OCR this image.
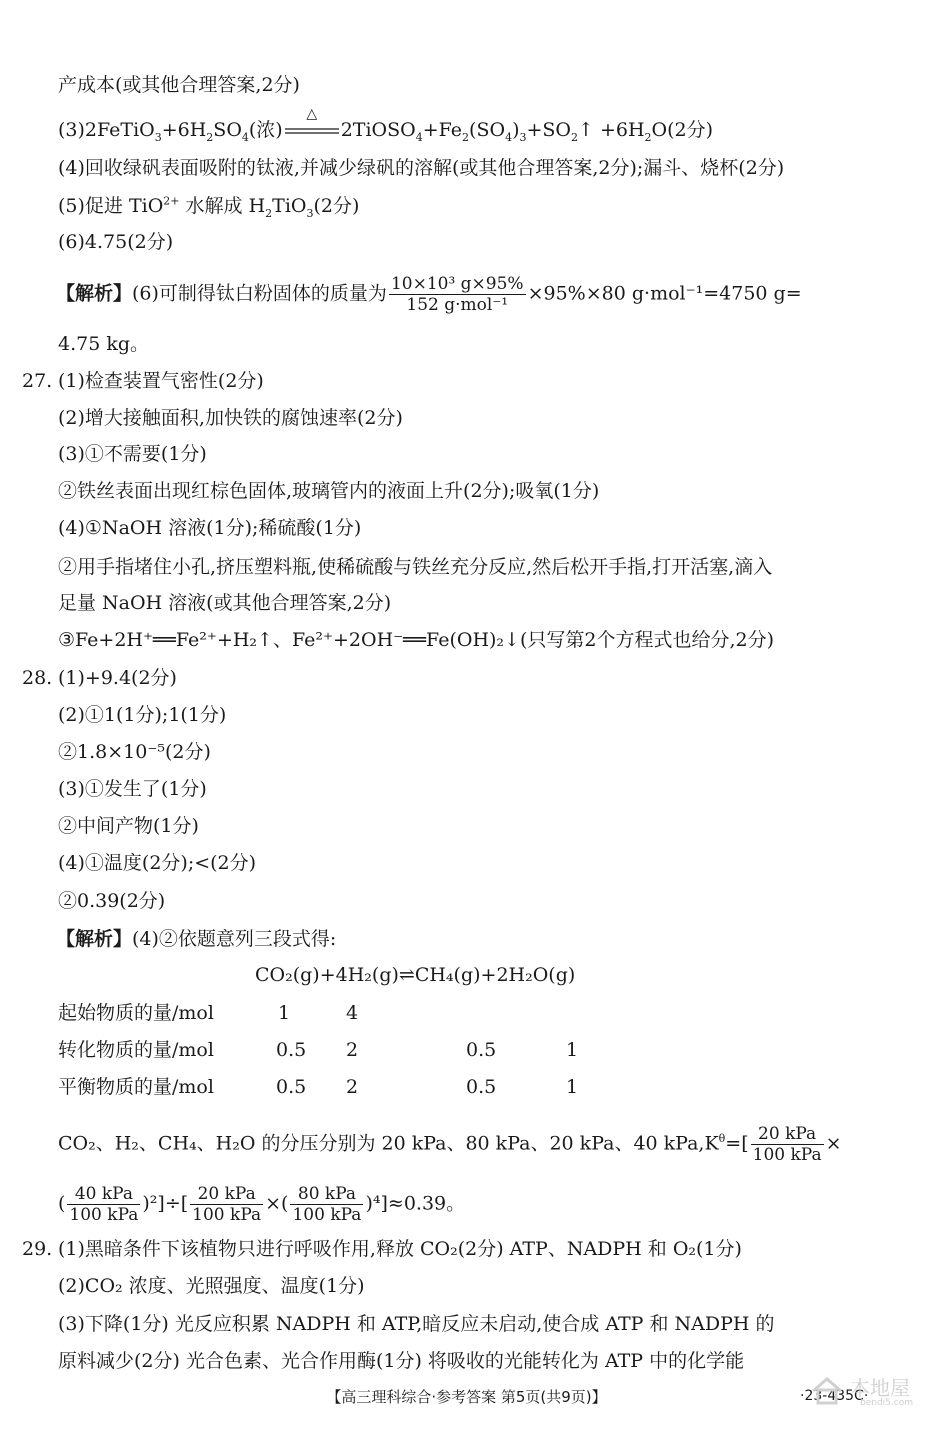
产成本(或其他合理答案,2分)
$(3)2FeTiO_3+6H_2SO_4$(浓)
△
$2TiOSO_4+Fe_2(SO_4)_3+SO_2↑ +6H_2O(2$分)
(4)回收绿矾表面吸附的钛液,并减少绿矾的溶解(或其他合理答案,2分);漏斗、烧杯(2分)
(5)促进 TiO$^{2+}$ 水解成 $H_2TiO_3(2$分)
(6)4.75(2分)
【解析】(6)可制得钛白粉固体的质量为 $\frac{\text{10×10³ g×95\%}}{\text{152 g·mol⁻¹}} \times 95\%\times 80$ g·mol⁻¹=4750 g=
4.75 kg。
27. (1)检查装置气密性(2分)
(2)增大接触面积,加快铁的腐蚀速率(2分)
(3)①不需要(1分)
②铁丝表面出现红棕色固体,玻璃管内的液面上升(2分);吸氧(1分)
(4)①NaOH 溶液(1分);稀硫酸(1分)
②用手指堵住小孔,挤压塑料瓶,使稀硫酸与铁丝充分反应,然后松开手指,打开活塞,滴入
足量 NaOH 溶液(或其他合理答案,2分)
③Fe+2H⁺══Fe²⁺+H₂↑、Fe²⁺+2OH⁻══Fe(OH)₂↓(只写第2个方程式也给分,2分)
28. (1)+9.4(2分)
(2)①1(1分);1(1分)
②1.8×10⁻⁵(2分)
(3)①发生了(1分)
②中间产物(1分)
(4)①温度(2分);<(2分)
②0.39(2分)
【解析】(4)②依题意列三段式得:
CO₂(g)+4H₂(g)⇌CH₄(g)+2H₂O(g)
起始物质的量/mol	1	4
转化物质的量/mol	0.5 2	0.5	1
平衡物质的量/mol	0.5 2	0.5	1
CO₂、H₂、CH₄、H₂O 的分压分别为 20 kPa、80 kPa、20 kPa、40 $kPa,K^\theta=[ \frac{\text{20 kPa}}{\text{100 kPa}}$ ×
( $\frac{\text{40 kPa}}{\text{100 kPa}} )^2]\div[ \frac{\text{20 kPa}}{\text{100 kPa}}$ ×( $\frac{\text{80 kPa}}{\text{100 kPa}} )^4]\approx 0.39$。
29. (1)黑暗条件下该植物只进行呼吸作用,释放 CO₂(2分) ATP、NADPH 和 O₂(1分)
(2)CO₂ 浓度、光照强度、温度(1分)
(3)下降(1分) 光反应积累 NADPH 和 ATP,暗反应未启动,使合成 ATP 和 NADPH 的
原料减少(2分) 光合色素、光合作用酶(1分) 将吸收的光能转化为 ATP 中的化学能
【高三理科综合·参考答案 第5页(共9页)】	·23-435C·
本地屋
bendi5.com
